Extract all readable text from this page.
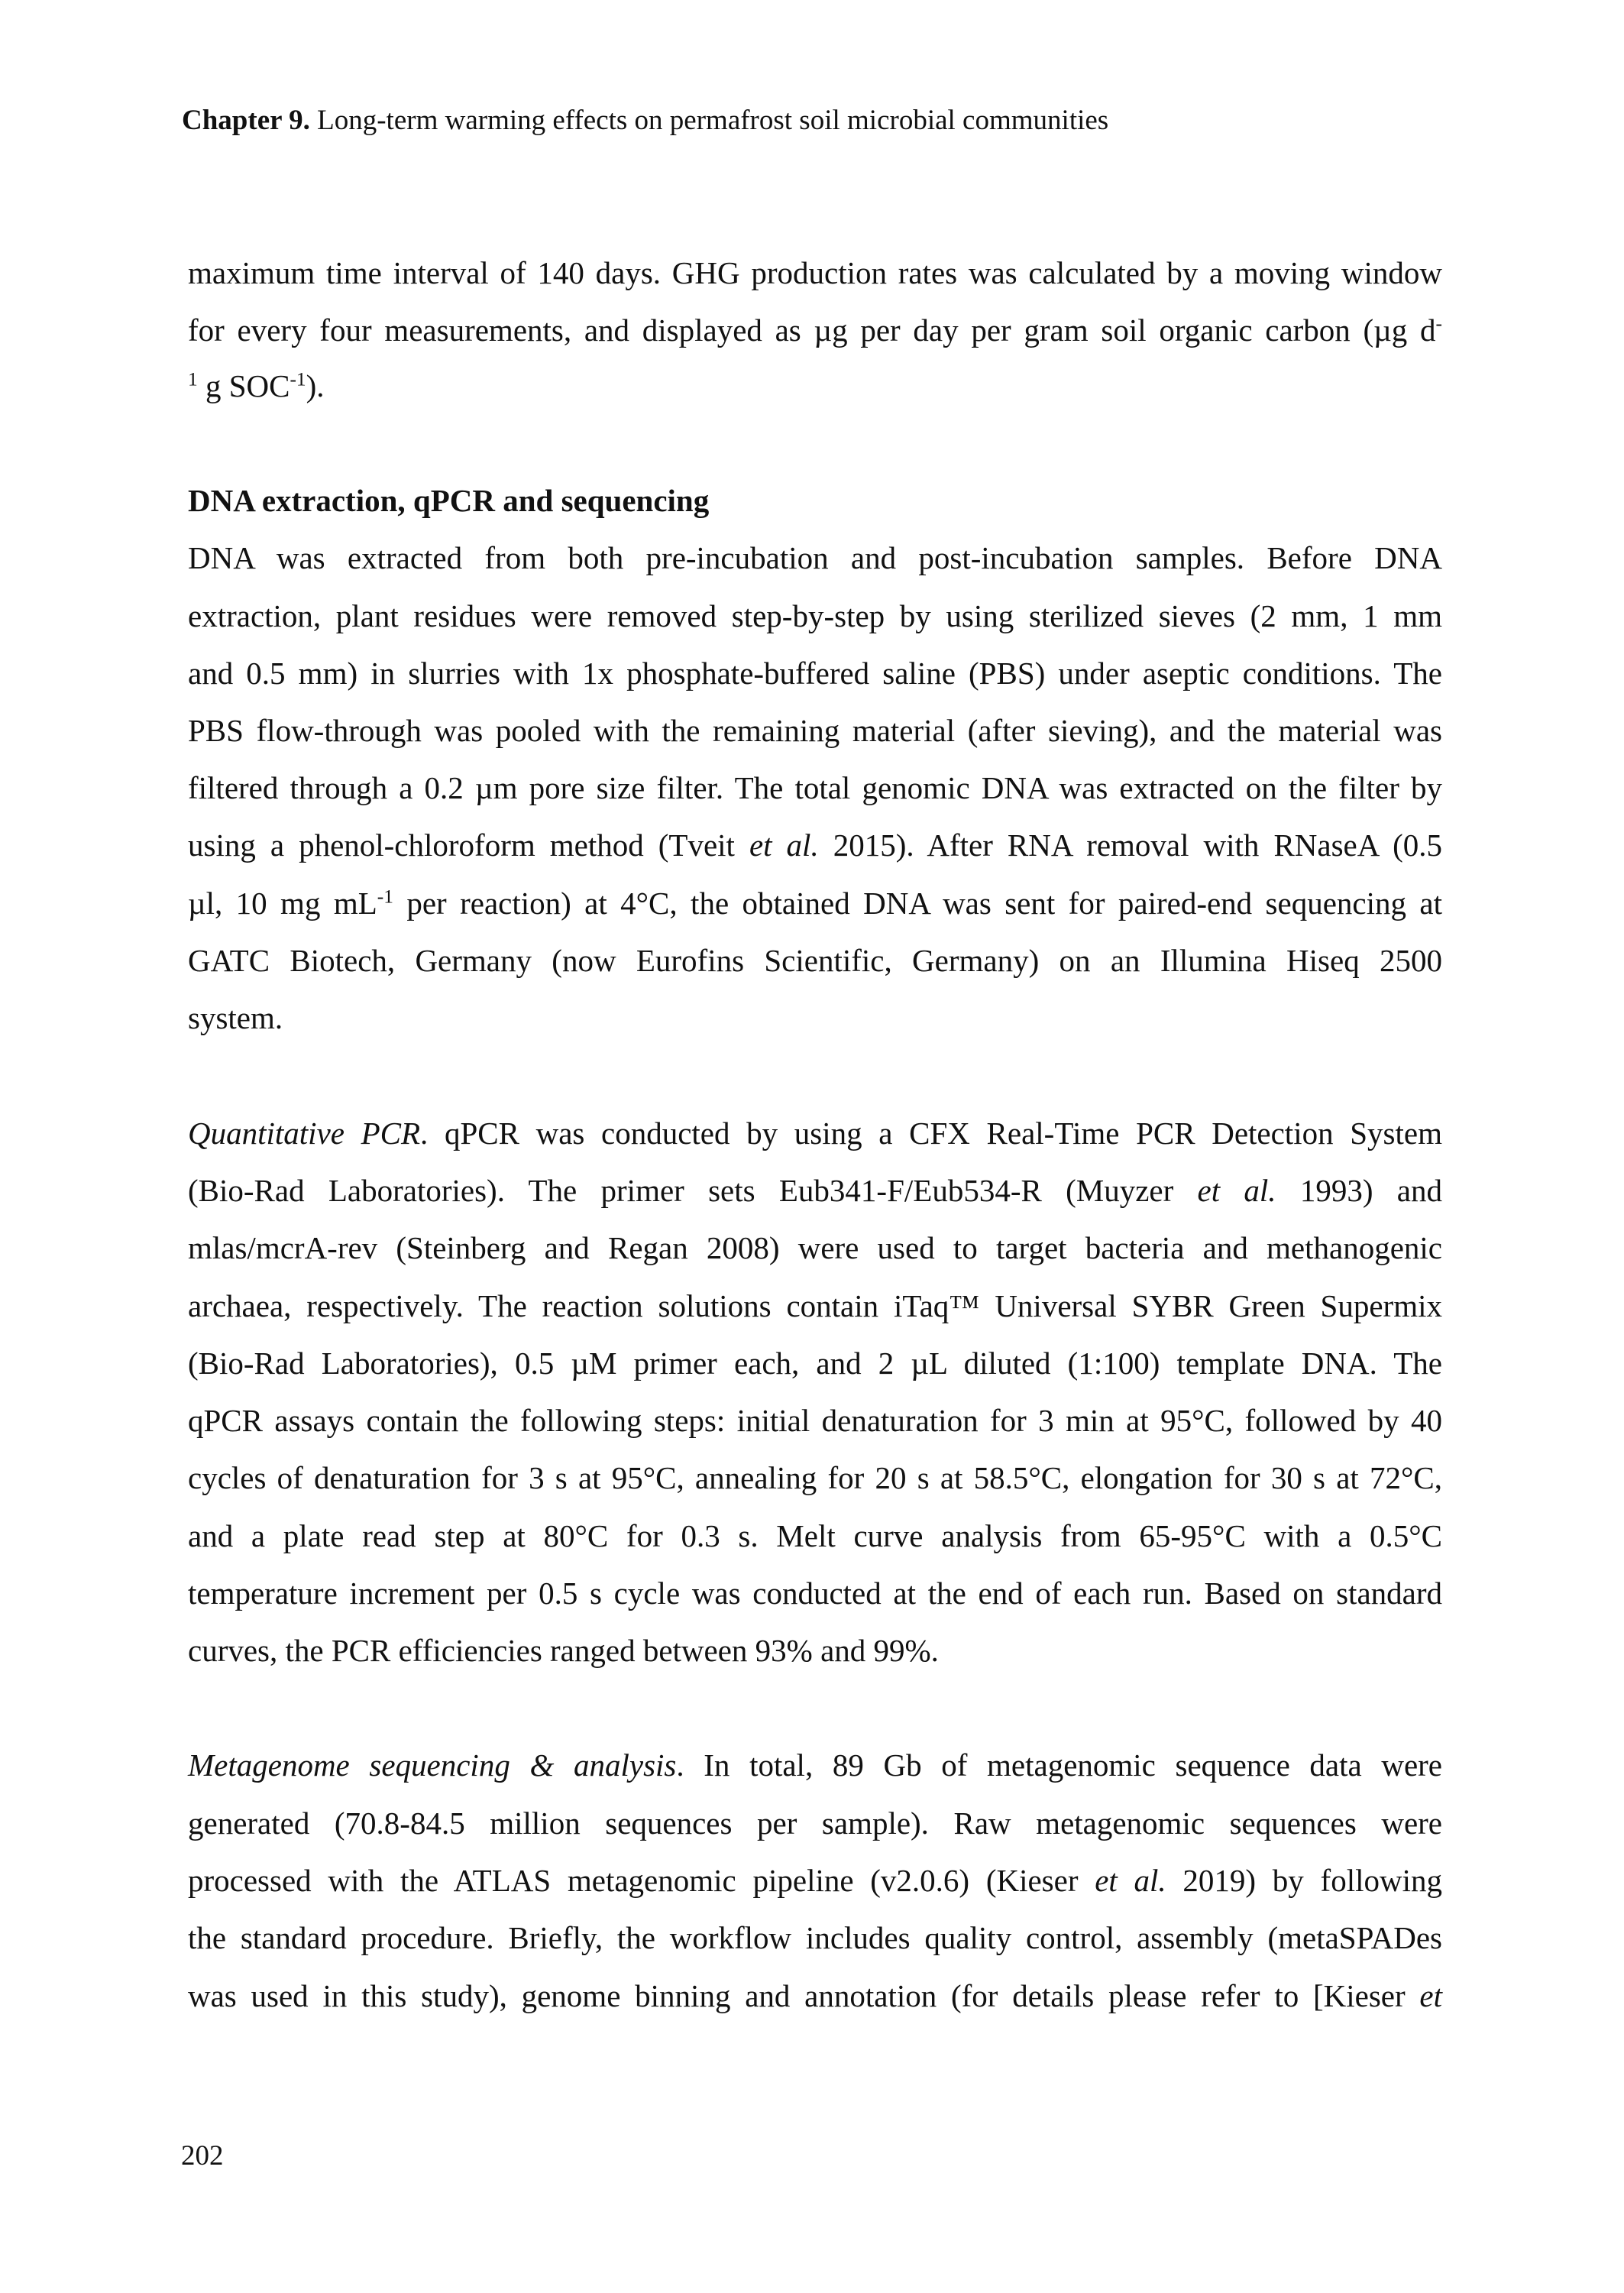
Chapter 9. Long-term warming effects on permafrost soil microbial communities
maximum time interval of 140 days. GHG production rates was calculated by a moving window
for every four measurements, and displayed as µg per day per gram soil organic carbon (µg d-
$^1$ g $SOC^{-1}$).
DNA extraction, qPCR and sequencing
DNA was extracted from both pre-incubation and post-incubation samples. Before DNA
extraction, plant residues were removed step-by-step by using sterilized sieves (2 mm, 1 mm
and 0.5 mm) in slurries with 1x phosphate-buffered saline (PBS) under aseptic conditions. The
PBS flow-through was pooled with the remaining material (after sieving), and the material was
filtered through a 0.2 µm pore size filter. The total genomic DNA was extracted on the filter by
using a phenol-chloroform method (Tveit et al. 2015). After RNA removal with RNaseA (0.5
µl, 10 mg $mL^{-1}$ per reaction) at 4°C, the obtained DNA was sent for paired-end sequencing at
GATC Biotech, Germany (now Eurofins Scientific, Germany) on an Illumina Hiseq 2500
system.
Quantitative PCR. qPCR was conducted by using a CFX Real-Time PCR Detection System
(Bio-Rad Laboratories). The primer sets Eub341-F/Eub534-R (Muyzer et al. 1993) and
mlas/mcrA-rev (Steinberg and Regan 2008) were used to target bacteria and methanogenic
archaea, respectively. The reaction solutions contain iTaq™ Universal SYBR Green Supermix
(Bio-Rad Laboratories), 0.5 µM primer each, and 2 µL diluted (1:100) template DNA. The
qPCR assays contain the following steps: initial denaturation for 3 min at 95°C, followed by 40
cycles of denaturation for 3 s at 95°C, annealing for 20 s at 58.5°C, elongation for 30 s at 72°C,
and a plate read step at 80°C for 0.3 s. Melt curve analysis from 65-95°C with a 0.5°C
temperature increment per 0.5 s cycle was conducted at the end of each run. Based on standard
curves, the PCR efficiencies ranged between 93% and 99%.
Metagenome sequencing & analysis. In total, 89 Gb of metagenomic sequence data were
generated (70.8-84.5 million sequences per sample). Raw metagenomic sequences were
processed with the ATLAS metagenomic pipeline (v2.0.6) (Kieser et al. 2019) by following
the standard procedure. Briefly, the workflow includes quality control, assembly (metaSPADes
was used in this study), genome binning and annotation (for details please refer to [Kieser et
202
